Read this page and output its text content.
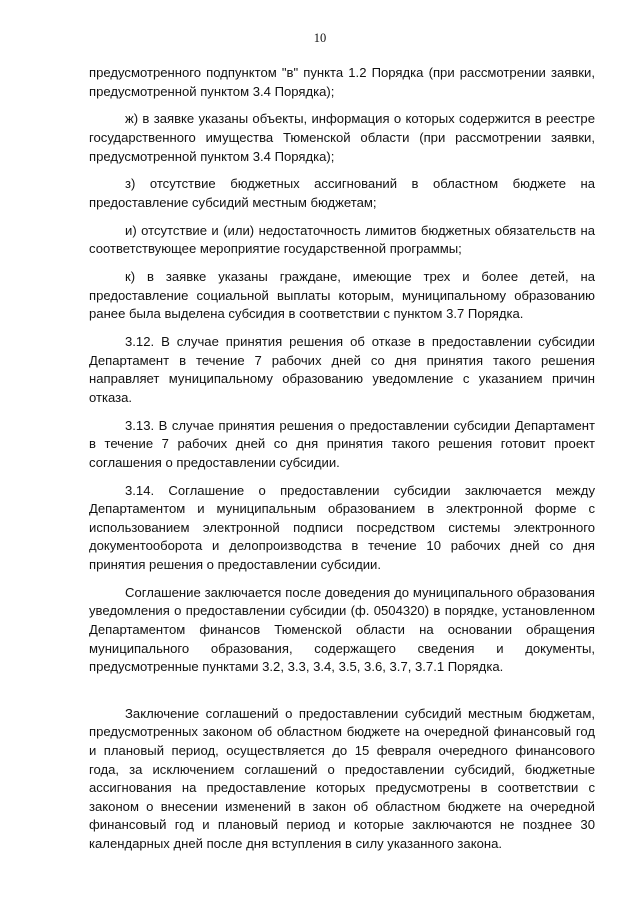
10

предусмотренного подпунктом "в" пункта 1.2 Порядка (при рассмотрении заявки, предусмотренной пунктом 3.4 Порядка);

ж) в заявке указаны объекты, информация о которых содержится в реестре государственного имущества Тюменской области (при рассмотрении заявки, предусмотренной пунктом 3.4 Порядка);

з) отсутствие бюджетных ассигнований в областном бюджете на предоставление субсидий местным бюджетам;

и) отсутствие и (или) недостаточность лимитов бюджетных обязательств на соответствующее мероприятие государственной программы;

к) в заявке указаны граждане, имеющие трех и более детей, на предоставление социальной выплаты которым, муниципальному образованию ранее была выделена субсидия в соответствии с пунктом 3.7 Порядка.

3.12. В случае принятия решения об отказе в предоставлении субсидии Департамент в течение 7 рабочих дней со дня принятия такого решения направляет муниципальному образованию уведомление с указанием причин отказа.

3.13. В случае принятия решения о предоставлении субсидии Департамент в течение 7 рабочих дней со дня принятия такого решения готовит проект соглашения о предоставлении субсидии.

3.14. Соглашение о предоставлении субсидии заключается между Департаментом и муниципальным образованием в электронной форме с использованием электронной подписи посредством системы электронного документооборота и делопроизводства в течение 10 рабочих дней со дня принятия решения о предоставлении субсидии.

Соглашение заключается после доведения до муниципального образования уведомления о предоставлении субсидии (ф. 0504320) в порядке, установленном Департаментом финансов Тюменской области на основании обращения муниципального образования, содержащего сведения и документы, предусмотренные пунктами 3.2, 3.3, 3.4, 3.5, 3.6, 3.7, 3.7.1 Порядка.

Заключение соглашений о предоставлении субсидий местным бюджетам, предусмотренных законом об областном бюджете на очередной финансовый год и плановый период, осуществляется до 15 февраля очередного финансового года, за исключением соглашений о предоставлении субсидий, бюджетные ассигнования на предоставление которых предусмотрены в соответствии с законом о внесении изменений в закон об областном бюджете на очередной финансовый год и плановый период и которые заключаются не позднее 30 календарных дней после дня вступления в силу указанного закона.
